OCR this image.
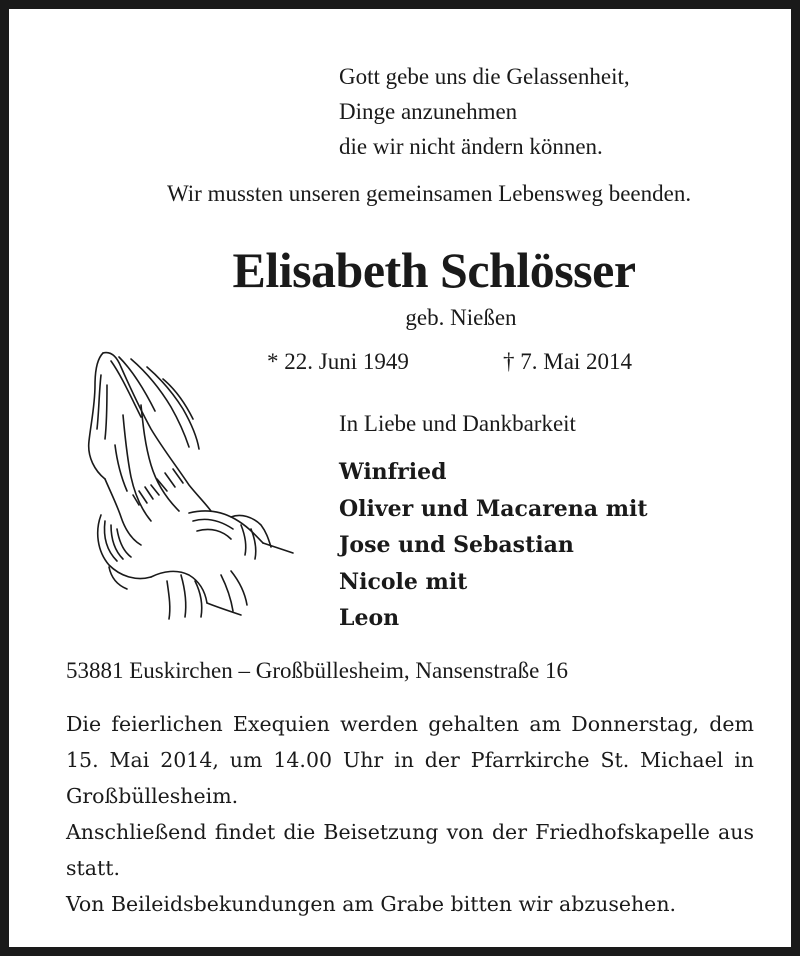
Gott gebe uns die Gelassenheit,
Dinge anzunehmen
die wir nicht ändern können.
Wir mussten unseren gemeinsamen Lebensweg beenden.
Elisabeth Schlösser
geb. Nießen
* 22. Juni 1949	† 7. Mai 2014
In Liebe und Dankbarkeit
Winfried
Oliver und Macarena mit
Jose und Sebastian
Nicole mit
Leon
53881 Euskirchen – Großbüllesheim, Nansenstraße 16

Die feierlichen Exequien werden gehalten am Donnerstag, dem 15. Mai 2014, um 14.00 Uhr in der Pfarrkirche St. Michael in Großbüllesheim.

Anschließend findet die Beisetzung von der Friedhofskapelle aus statt.

Von Beileidsbekundungen am Grabe bitten wir abzusehen.
